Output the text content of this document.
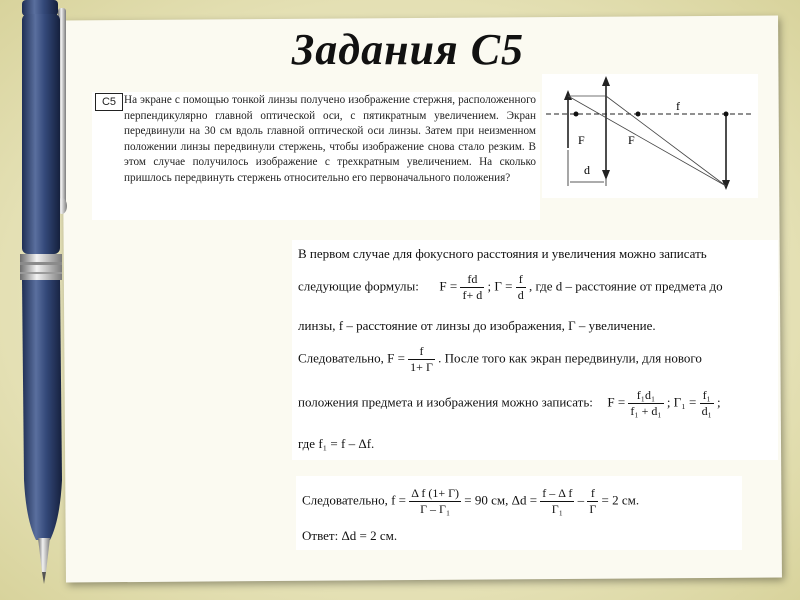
Задания С5
С5 На экране с помощью тонкой линзы получено изображение стержня, расположенного перпендикулярно главной оптической оси, с пятикратным увеличением. Экран передвинули на 30 см вдоль главной оптической оси линзы. Затем при неизменном положении линзы передвинули стержень, чтобы изображение снова стало резким. В этом случае получилось изображение с трехкратным увеличением. На сколько пришлось передвинуть стержень относительно его первоначального положения?
F	F
f
d
В первом случае для фокусного расстояния и увеличения можно записать
следующие формулы: $F = \frac{fd}{f+ d}$ ; $Г = \frac{f}{d}$ , где d – расстояние от предмета до
линзы, f – расстояние от линзы до изображения, Г – увеличение.
Следовательно, $F = \frac{f}{1+ Г}$ . После того как экран передвинули, для нового
положения предмета и изображения можно записать: $F = \frac{\text{f₁d₁}}{\text{f₁ + d₁}}$ ; $Г_1 = \frac{\text{f₁}}{\text{d₁}}$ ;
где f₁ = f – Δf.
Следовательно, $f = \frac{\text{Δ f (1+ Г)}}{\text{Г – Г₁}} = 90$ см, $\Delta d = \frac{\text{f – Δ f}}{\text{Г₁}} - \frac{f}{Г} = 2$ см.
Ответ: Δd = 2 см.
